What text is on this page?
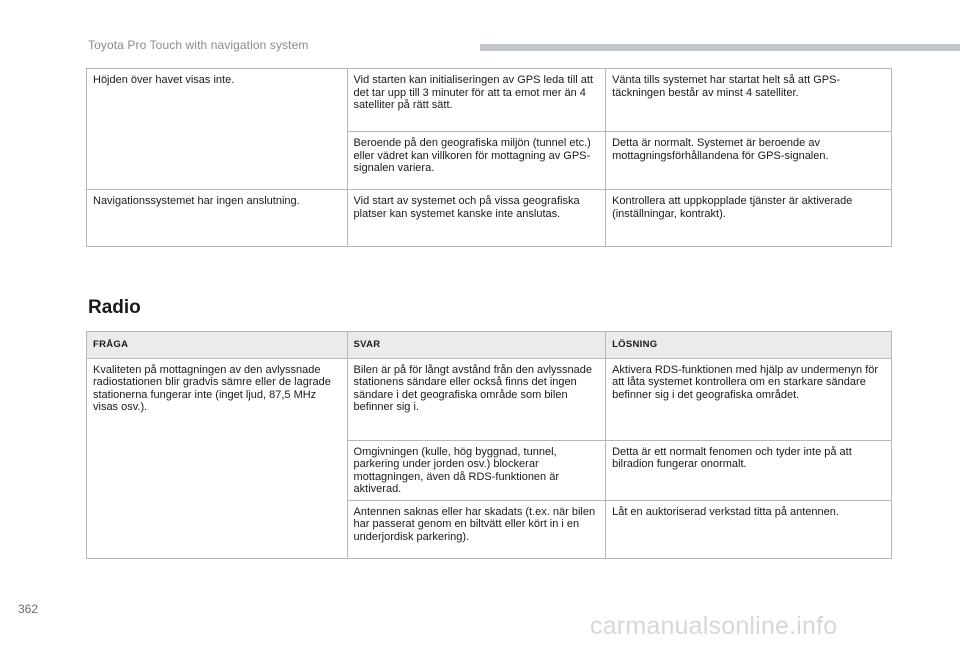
Toyota Pro Touch with navigation system
Höjden över havet visas inte.	Vid starten kan initialiseringen av GPS leda till att det tar upp till 3 minuter för att ta emot mer än 4 satelliter på rätt sätt.	Vänta tills systemet har startat helt så att GPS-täckningen består av minst 4 satelliter.
	Beroende på den geografiska miljön (tunnel etc.) eller vädret kan villkoren för mottagning av GPS-signalen variera.	Detta är normalt. Systemet är beroende av mottagningsförhållandena för GPS-signalen.
Navigationssystemet har ingen anslutning.	Vid start av systemet och på vissa geografiska platser kan systemet kanske inte anslutas.	Kontrollera att uppkopplade tjänster är aktiverade (inställningar, kontrakt).
Radio
FRÅGA	SVAR	LÖSNING
Kvaliteten på mottagningen av den avlyssnade radiostationen blir gradvis sämre eller de lagrade stationerna fungerar inte (inget ljud, 87,5 MHz visas osv.).	Bilen är på för långt avstånd från den avlyssnade stationens sändare eller också finns det ingen sändare i det geografiska område som bilen befinner sig i.	Aktivera RDS-funktionen med hjälp av undermenyn för att låta systemet kontrollera om en starkare sändare befinner sig i det geografiska området.
	Omgivningen (kulle, hög byggnad, tunnel, parkering under jorden osv.) blockerar mottagningen, även då RDS-funktionen är aktiverad.	Detta är ett normalt fenomen och tyder inte på att bilradion fungerar onormalt.
	Antennen saknas eller har skadats (t.ex. när bilen har passerat genom en biltvätt eller kört in i en underjordisk parkering).	Låt en auktoriserad verkstad titta på antennen.
362
carmanualsonline.info
